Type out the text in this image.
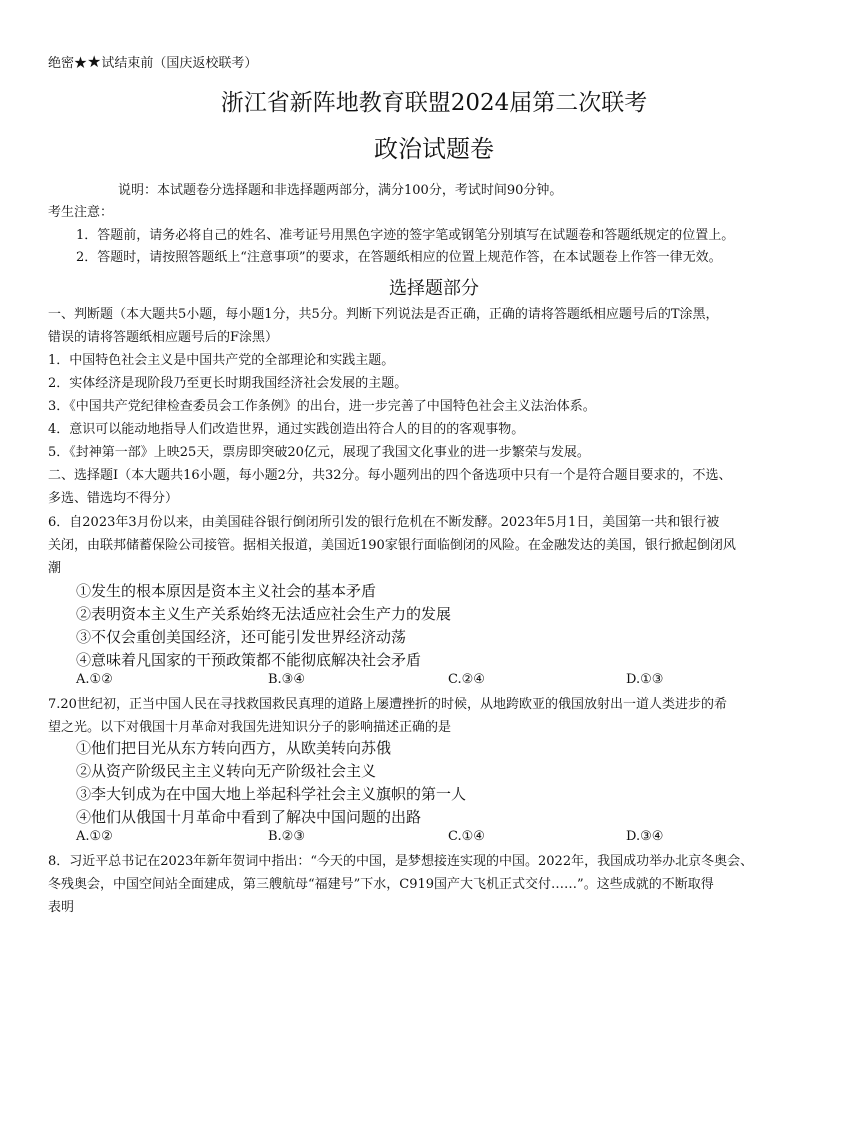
绝密★★试结束前（国庆返校联考）
浙江省新阵地教育联盟2024届第二次联考
政治试题卷
说明：本试题卷分选择题和非选择题两部分，满分100分，考试时间90分钟。
考生注意：
1．答题前，请务必将自己的姓名、准考证号用黑色字迹的签字笔或钢笔分别填写在试题卷和答题纸规定的位置上。
2．答题时，请按照答题纸上“注意事项”的要求，在答题纸相应的位置上规范作答，在本试题卷上作答一律无效。
选择题部分
一、判断题（本大题共5小题，每小题1分，共5分。判断下列说法是否正确，正确的请将答题纸相应题号后的T涂黑，
错误的请将答题纸相应题号后的F涂黑）
1．中国特色社会主义是中国共产党的全部理论和实践主题。
2．实体经济是现阶段乃至更长时期我国经济社会发展的主题。
3．《中国共产党纪律检查委员会工作条例》的出台，进一步完善了中国特色社会主义法治体系。
4．意识可以能动地指导人们改造世界，通过实践创造出符合人的目的的客观事物。
5．《封神第一部》上映25天，票房即突破20亿元，展现了我国文化事业的进一步繁荣与发展。
二、选择题Ⅰ（本大题共16小题，每小题2分，共32分。每小题列出的四个备选项中只有一个是符合题目要求的，不选、
多选、错选均不得分）
6．自2023年3月份以来，由美国硅谷银行倒闭所引发的银行危机在不断发酵。2023年5月1日，美国第一共和银行被
关闭，由联邦储蓄保险公司接管。据相关报道，美国近190家银行面临倒闭的风险。在金融发达的美国，银行掀起倒闭风
潮
①发生的根本原因是资本主义社会的基本矛盾
②表明资本主义生产关系始终无法适应社会生产力的发展
③不仅会重创美国经济，还可能引发世界经济动荡
④意味着凡国家的干预政策都不能彻底解决社会矛盾
A.①②	B.③④	C.②④	D.①③
7.20世纪初，正当中国人民在寻找救国救民真理的道路上屡遭挫折的时候，从地跨欧亚的俄国放射出一道人类进步的希
望之光。以下对俄国十月革命对我国先进知识分子的影响描述正确的是
①他们把目光从东方转向西方，从欧美转向苏俄
②从资产阶级民主主义转向无产阶级社会主义
③李大钊成为在中国大地上举起科学社会主义旗帜的第一人
④他们从俄国十月革命中看到了解决中国问题的出路
A.①②	B.②③	C.①④	D.③④
8．习近平总书记在2023年新年贺词中指出：“今天的中国，是梦想接连实现的中国。2022年，我国成功举办北京冬奥会、
冬残奥会，中国空间站全面建成，第三艘航母“福建号”下水，C919国产大飞机正式交付……”。这些成就的不断取得
表明
